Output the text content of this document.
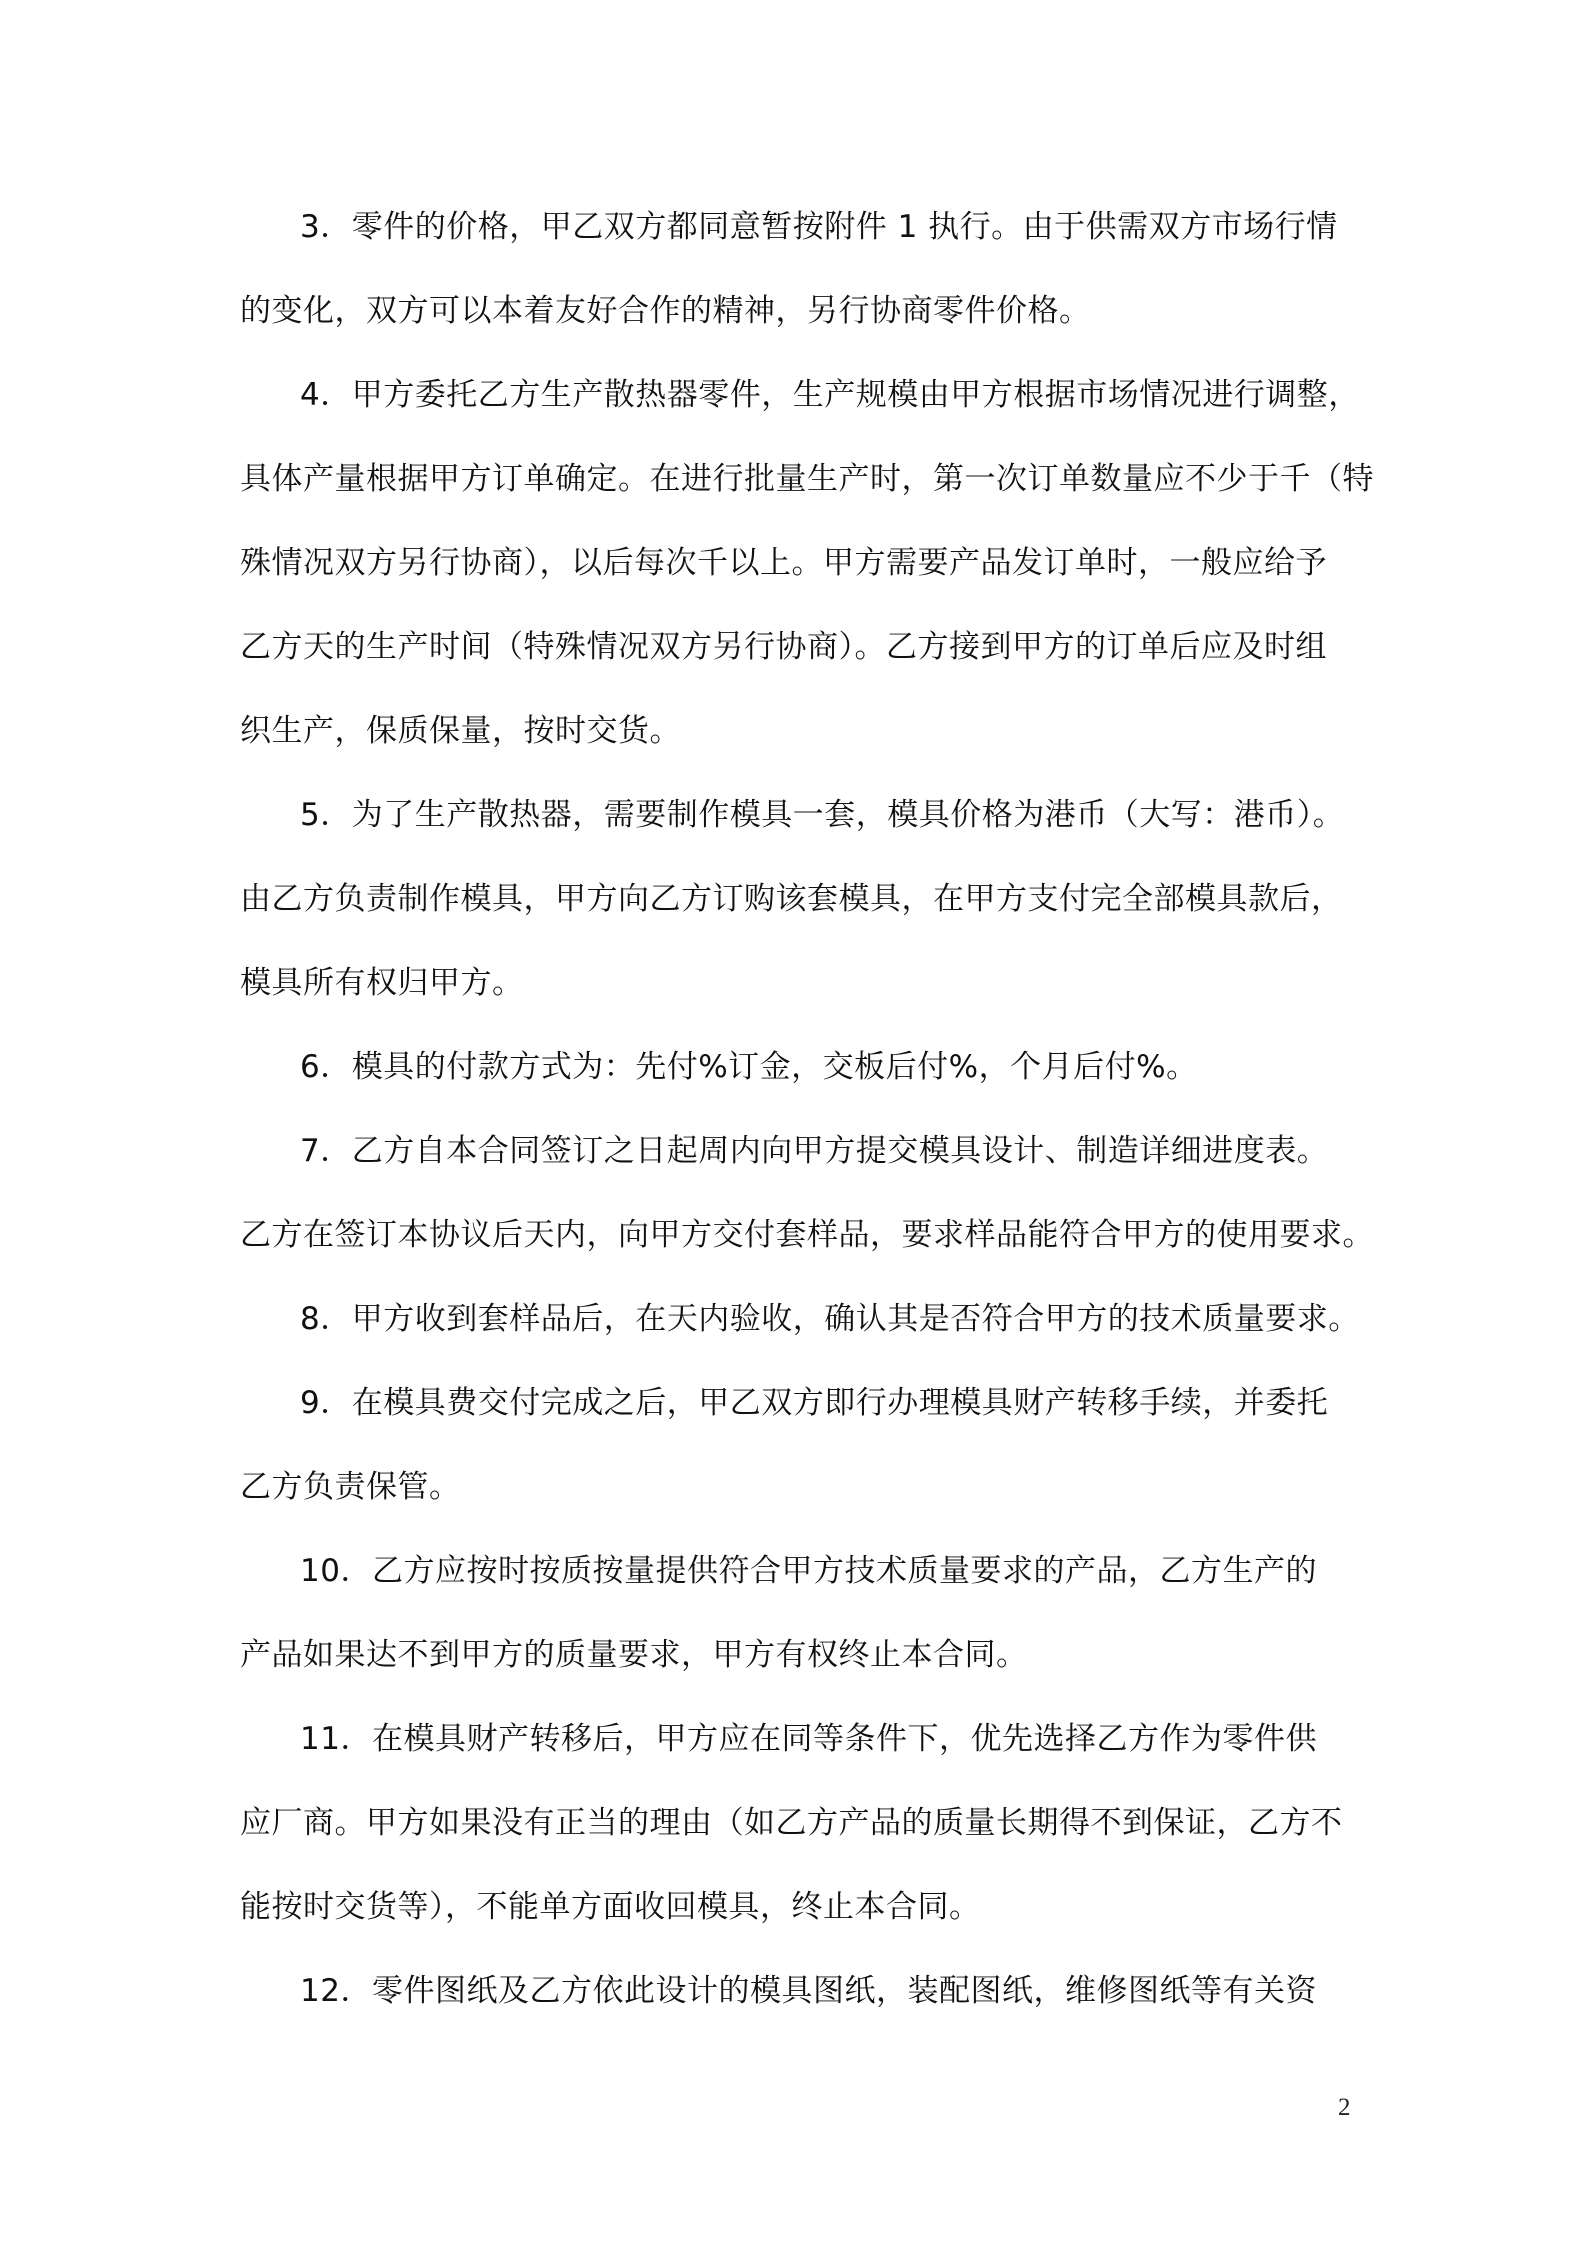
3．零件的价格，甲乙双方都同意暂按附件 1 执行。由于供需双方市场行情
的变化，双方可以本着友好合作的精神，另行协商零件价格。
4．甲方委托乙方生产散热器零件，生产规模由甲方根据市场情况进行调整，
具体产量根据甲方订单确定。在进行批量生产时，第一次订单数量应不少于千（特
殊情况双方另行协商），以后每次千以上。甲方需要产品发订单时，一般应给予
乙方天的生产时间（特殊情况双方另行协商）。乙方接到甲方的订单后应及时组
织生产，保质保量，按时交货。
5．为了生产散热器，需要制作模具一套，模具价格为港币（大写：港币）。
由乙方负责制作模具，甲方向乙方订购该套模具，在甲方支付完全部模具款后，
模具所有权归甲方。
6．模具的付款方式为：先付%订金，交板后付%，个月后付%。
7．乙方自本合同签订之日起周内向甲方提交模具设计、制造详细进度表。
乙方在签订本协议后天内，向甲方交付套样品，要求样品能符合甲方的使用要求。
8．甲方收到套样品后，在天内验收，确认其是否符合甲方的技术质量要求。
9．在模具费交付完成之后，甲乙双方即行办理模具财产转移手续，并委托
乙方负责保管。
10．乙方应按时按质按量提供符合甲方技术质量要求的产品，乙方生产的
产品如果达不到甲方的质量要求，甲方有权终止本合同。
11．在模具财产转移后，甲方应在同等条件下，优先选择乙方作为零件供
应厂商。甲方如果没有正当的理由（如乙方产品的质量长期得不到保证，乙方不
能按时交货等），不能单方面收回模具，终止本合同。
12．零件图纸及乙方依此设计的模具图纸，装配图纸，维修图纸等有关资
2
